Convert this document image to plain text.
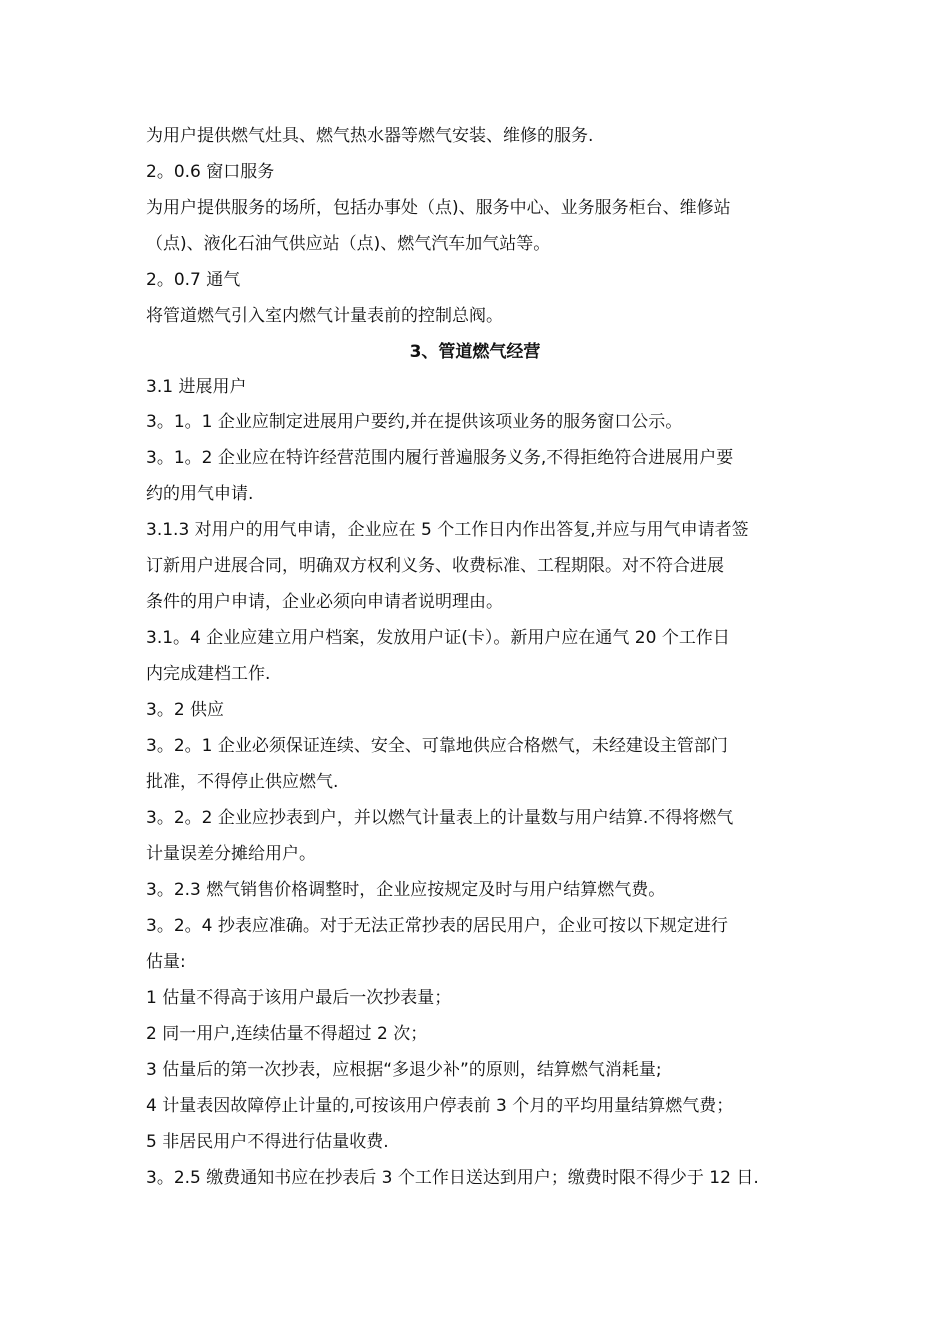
为用户提供燃气灶具、燃气热水器等燃气安装、维修的服务.
2。0.6 窗口服务
为用户提供服务的场所，包括办事处（点)、服务中心、业务服务柜台、维修站
（点)、液化石油气供应站（点)、燃气汽车加气站等。
2。0.7 通气
将管道燃气引入室内燃气计量表前的控制总阀。
3、管道燃气经营
3.1 进展用户
3。1。1 企业应制定进展用户要约,并在提供该项业务的服务窗口公示。
3。1。2 企业应在特许经营范围内履行普遍服务义务,不得拒绝符合进展用户要
约的用气申请.
3.1.3 对用户的用气申请，企业应在 5 个工作日内作出答复,并应与用气申请者签
订新用户进展合同，明确双方权利义务、收费标准、工程期限。对不符合进展
条件的用户申请，企业必须向申请者说明理由。
3.1。4 企业应建立用户档案，发放用户证(卡）。新用户应在通气 20 个工作日
内完成建档工作.
3。2 供应
3。2。1 企业必须保证连续、安全、可靠地供应合格燃气，未经建设主管部门
批准，不得停止供应燃气.
3。2。2 企业应抄表到户，并以燃气计量表上的计量数与用户结算.不得将燃气
计量误差分摊给用户。
3。2.3 燃气销售价格调整时，企业应按规定及时与用户结算燃气费。
3。2。4 抄表应准确。对于无法正常抄表的居民用户，企业可按以下规定进行
估量:
1 估量不得高于该用户最后一次抄表量；
2 同一用户,连续估量不得超过 2 次；
3 估量后的第一次抄表，应根据“多退少补”的原则，结算燃气消耗量;
4 计量表因故障停止计量的,可按该用户停表前 3 个月的平均用量结算燃气费；
5 非居民用户不得进行估量收费.
3。2.5 缴费通知书应在抄表后 3 个工作日送达到用户；缴费时限不得少于 12 日.
